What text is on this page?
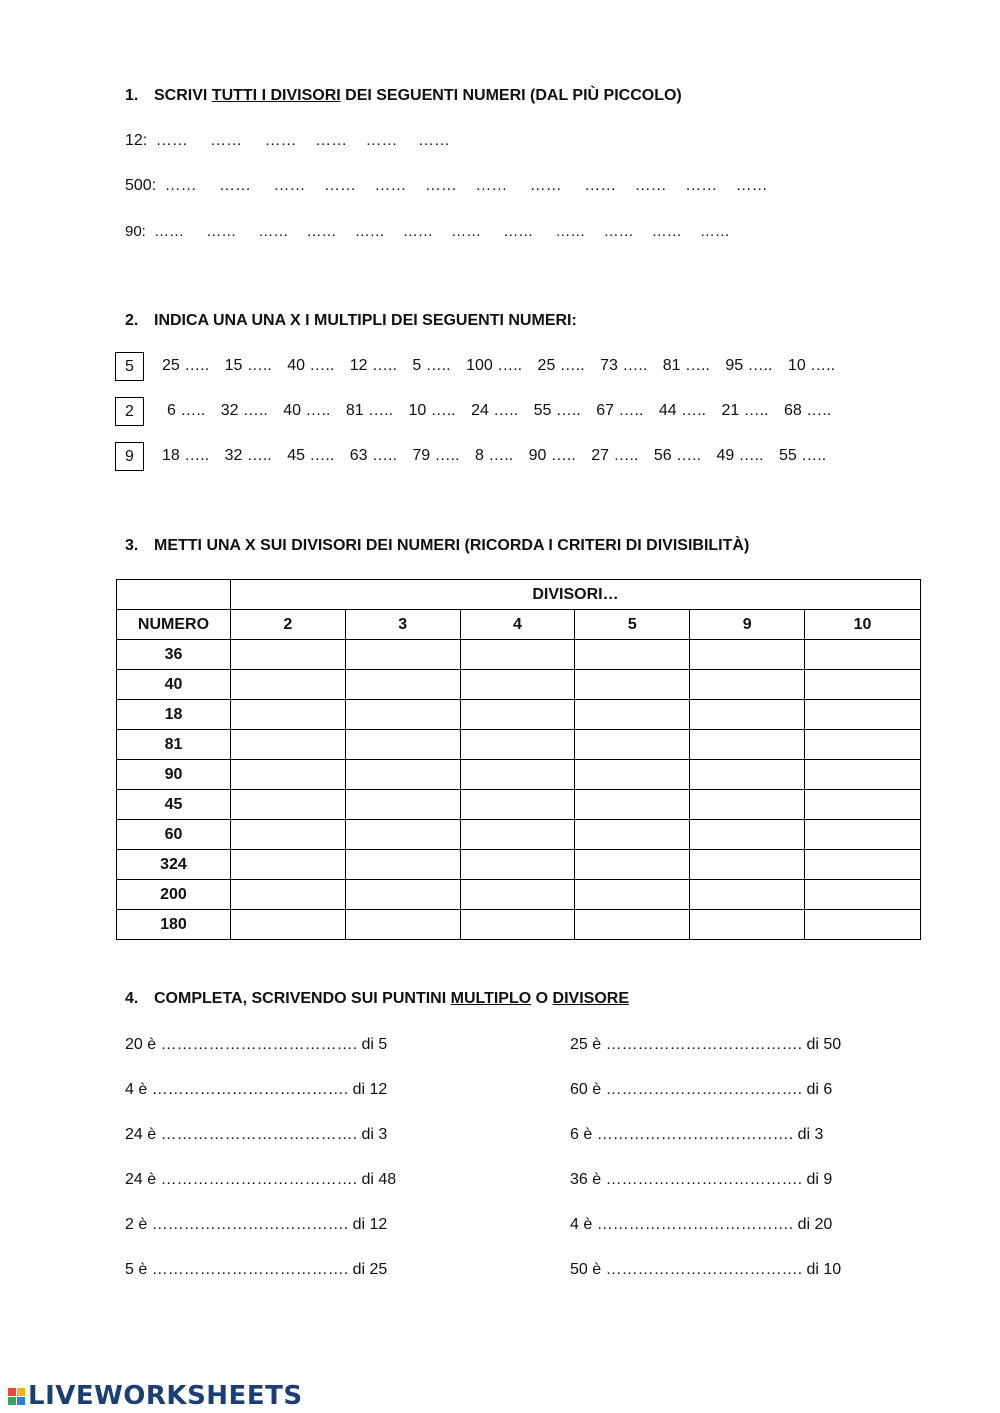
1. SCRIVI TUTTI I DIVISORI DEI SEGUENTI NUMERI (DAL PIÙ PICCOLO)
12: …… …… …… …… …… ……
500: …… …… …… …… …… …… …… …… …… …… …… ……
90: …… …… …… …… …… …… …… …… …… …… …… ……
2. INDICA UNA UNA X I MULTIPLI DEI SEGUENTI NUMERI:
5	25 ….. 15 ….. 40 ….. 12 ….. 5 ….. 100 ….. 25 ….. 73 ….. 81 ….. 95 ….. 10 …..
2	6 ….. 32 ….. 40 ….. 81 ….. 10 ….. 24 ….. 55 ….. 67 ….. 44 ….. 21 ….. 68 …..
9	18 ….. 32 ….. 45 ….. 63 ….. 79 ….. 8 ….. 90 ….. 27 ….. 56 ….. 49 ….. 55 …..
3. METTI UNA X SUI DIVISORI DEI NUMERI (RICORDA I CRITERI DI DIVISIBILITÀ)
	DIVISORI…					
NUMERO	2	3	4	5	9	10
36						
40						
18						
81						
90						
45						
60						
324						
200						
180						
4. COMPLETA, SCRIVENDO SUI PUNTINI MULTIPLO O DIVISORE
20 è ………………………………. di 5
4 è ………………………………. di 12
24 è ………………………………. di 3
24 è ………………………………. di 48
2 è ………………………………. di 12
5 è ………………………………. di 25
25 è ………………………………. di 50
60 è ………………………………. di 6
6 è ………………………………. di 3
36 è ………………………………. di 9
4 è ………………………………. di 20
50 è ………………………………. di 10
LIVEWORKSHEETS
